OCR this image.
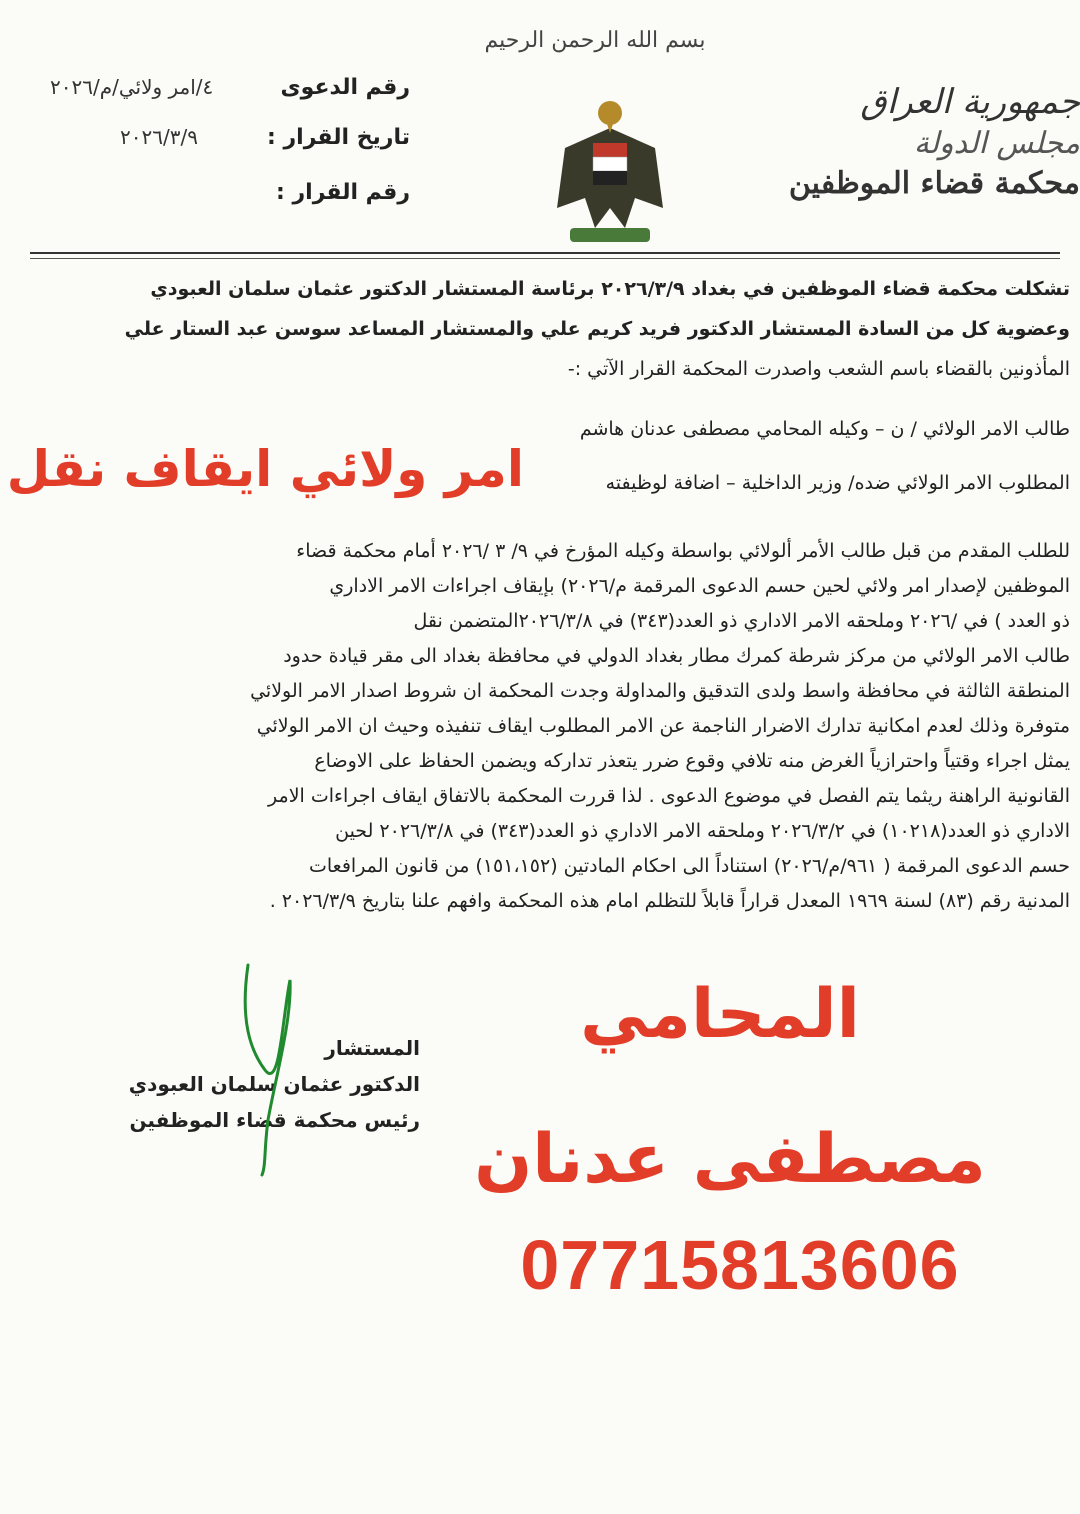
بسم الله الرحمن الرحيم
جمهورية العراق
مجلس الدولة
محكمة قضاء الموظفين
رقم الدعوى
٤/امر ولائي/م/٢٠٢٦
تاريخ القرار :
٢٠٢٦/٣/٩
رقم القرار :
تشكلت محكمة قضاء الموظفين في بغداد ٢٠٢٦/٣/٩ برئاسة المستشار الدكتور عثمان سلمان العبودي
وعضوية كل من السادة المستشار الدكتور فريد كريم علي والمستشار المساعد سوسن عبد الستار علي
المأذونين بالقضاء باسم الشعب واصدرت المحكمة القرار الآتي :-
طالب الامر الولائي / ن – وكيله المحامي مصطفى عدنان هاشم
المطلوب الامر الولائي ضده/ وزير الداخلية – اضافة لوظيفته
امر ولائي ايقاف نقل
للطلب المقدم من قبل طالب الأمر ألولائي بواسطة وكيله المؤرخ في ٩/ ٣ /٢٠٢٦ أمام محكمة قضاء
الموظفين لإصدار امر ولائي لحين حسم الدعوى المرقمة م/٢٠٢٦) بإيقاف اجراءات الامر الاداري
ذو العدد ) في /٢٠٢٦ وملحقه الامر الاداري ذو العدد(٣٤٣) في ٢٠٢٦/٣/٨المتضمن نقل
طالب الامر الولائي من مركز شرطة كمرك مطار بغداد الدولي في محافظة بغداد الى مقر قيادة حدود
المنطقة الثالثة في محافظة واسط ولدى التدقيق والمداولة وجدت المحكمة ان شروط اصدار الامر الولائي
متوفرة وذلك لعدم امكانية تدارك الاضرار الناجمة عن الامر المطلوب ايقاف تنفيذه وحيث ان الامر الولائي
يمثل اجراء وقتياً واحترازياً الغرض منه تلافي وقوع ضرر يتعذر تداركه ويضمن الحفاظ على الاوضاع
القانونية الراهنة ريثما يتم الفصل في موضوع الدعوى . لذا قررت المحكمة بالاتفاق ايقاف اجراءات الامر
الاداري ذو العدد(١٠٢١٨) في ٢٠٢٦/٣/٢ وملحقه الامر الاداري ذو العدد(٣٤٣) في ٢٠٢٦/٣/٨ لحين
حسم الدعوى المرقمة ( ٩٦١/م/٢٠٢٦) استناداً الى احكام المادتين (١٥١،١٥٢) من قانون المرافعات
المدنية رقم (٨٣) لسنة ١٩٦٩ المعدل قراراً قابلاً للتظلم امام هذه المحكمة وافهم علنا بتاريخ ٢٠٢٦/٣/٩ .
المستشار
الدكتور عثمان سلمان العبودي
رئيس محكمة قضاء الموظفين
المحامي
مصطفى عدنان
07715813606
